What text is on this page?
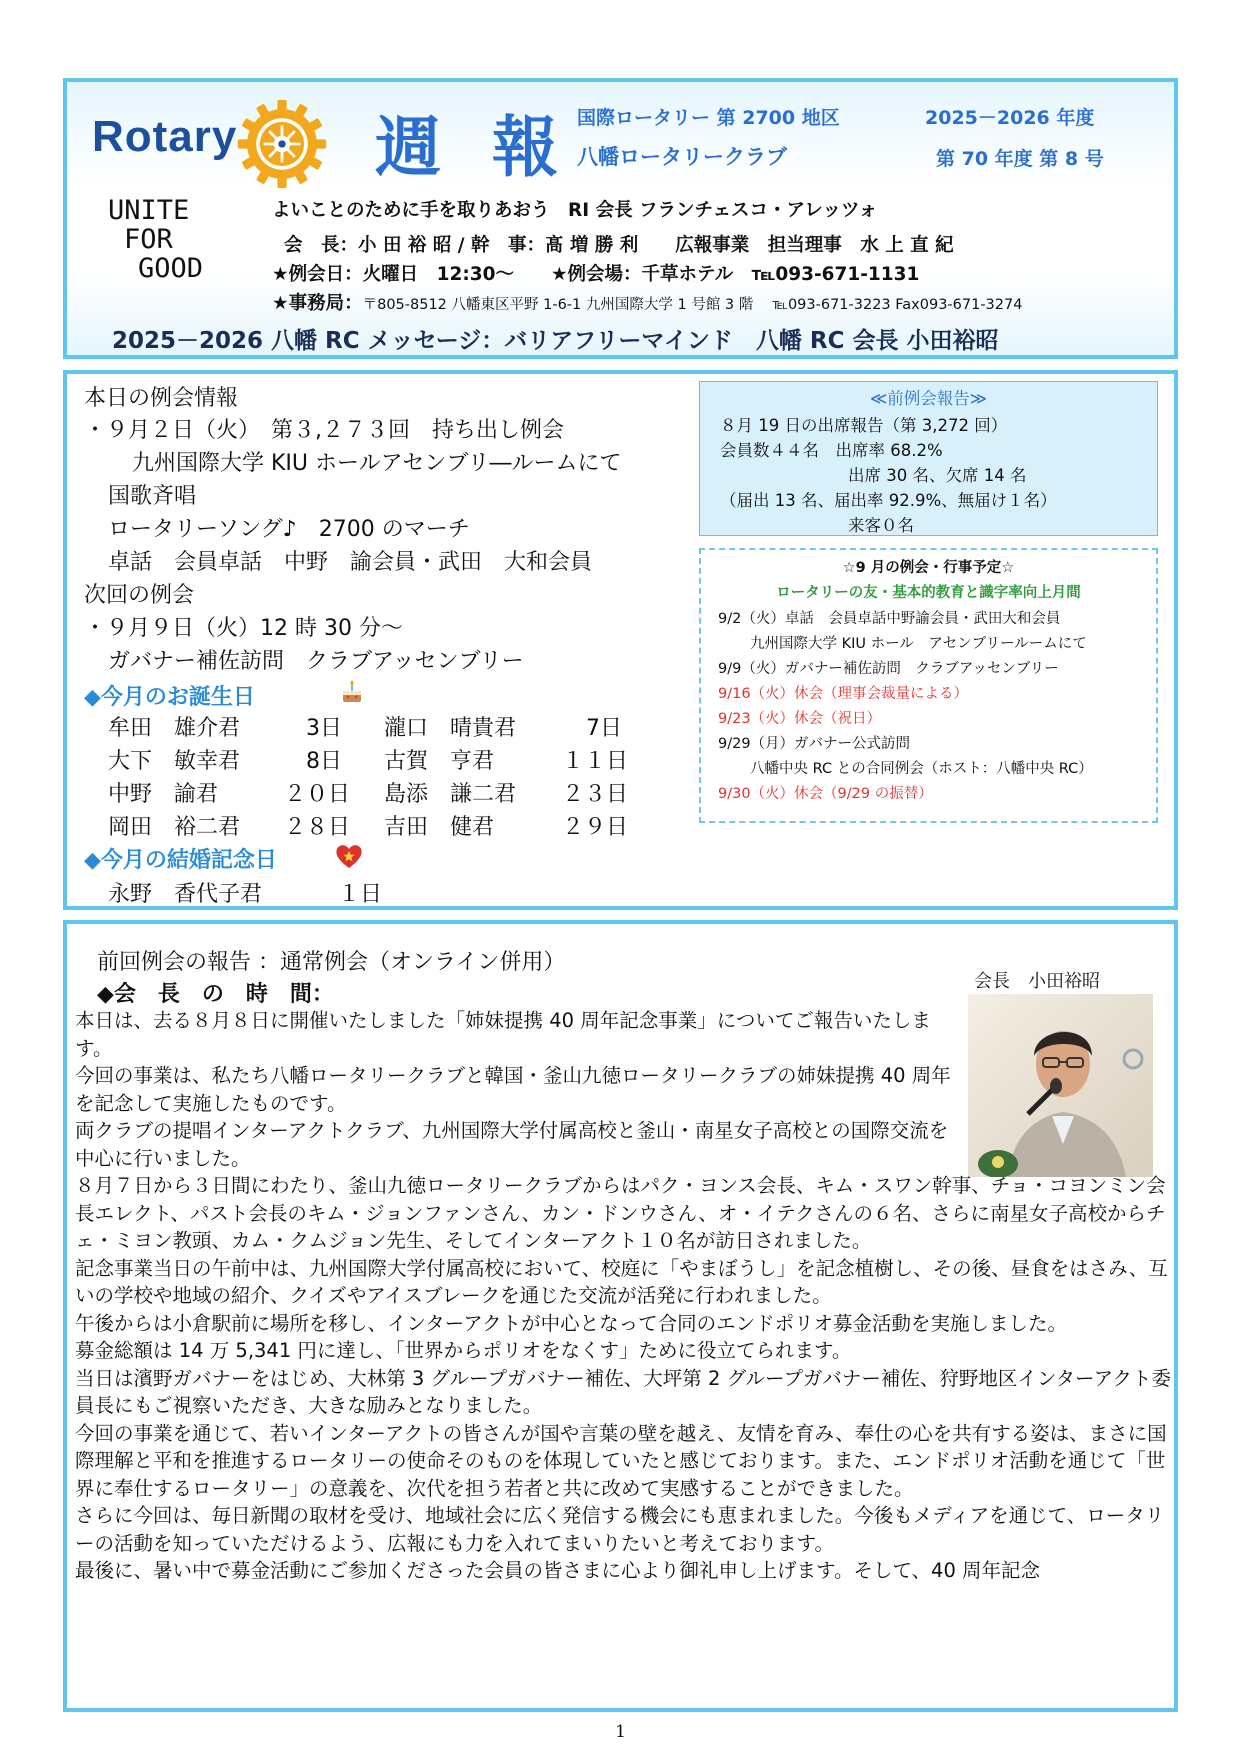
Rotary 週 報 国際ロータリー 第 2700 地区
八幡ロータリークラブ
2025－2026 年度
第 70 年度 第 8 号
UNITE
FOR
GOOD
よいことのために手を取りあおう　RI 会長 フランチェスコ・アレッツォ
会　長：小 田 裕 昭 / 幹　事：髙 増 勝 利　　広報事業　担当理事　水 上 直 紀
★例会日：火曜日　12:30～　　★例会場：千草ホテル　℡093-671-1131
★事務局：〒805-8512 八幡東区平野 1-6-1 九州国際大学 1 号館 3 階　 ℡093-671-3223 Fax093-671-3274
2025－2026 八幡 RC メッセージ：バリアフリーマインド　八幡 RC 会長 小田裕昭
本日の例会情報
・９月２日（火）　第３,２７３回　持ち出し例会
九州国際大学 KIU ホールアセンブリ―ルームにて
国歌斉唱
ロータリーソング♪　2700 のマーチ
卓話　会員卓話　中野　諭会員・武田　大和会員
次回の例会
・９月９日（火）12 時 30 分～
ガバナー補佐訪問　クラブアッセンブリー
◆今月のお誕生日
牟田　雄介君	3日 瀧口　晴貴君	7日
大下　敏幸君	8日 古賀　亨君	１１日
中野　諭君	２０日 島添　謙二君 ２３日
岡田　裕二君 ２８日 吉田　健君	２９日
◆今月の結婚記念日
永野　香代子君	１日
≪前例会報告≫
８月 19 日の出席報告（第 3,272 回）
会員数４４名　出席率 68.2%
出席 30 名、欠席 14 名
（届出 13 名、届出率 92.9%、無届け１名）
来客０名
☆9 月の例会・行事予定☆
ロータリーの友・基本的教育と識字率向上月間
9/2（火）卓話　会員卓話中野諭会員・武田大和会員
九州国際大学 KIU ホール　アセンブリールームにて
9/9（火）ガバナー補佐訪問　クラブアッセンブリー
9/16（火）休会（理事会裁量による）
9/23（火）休会（祝日）
9/29（月）ガバナー公式訪問
八幡中央 RC との合同例会（ホスト：八幡中央 RC）
9/30（火）休会（9/29 の振替）
前回例会の報告 ：通常例会（オンライン併用）
◆会　長　の　時　間：
会長　小田裕昭

本日は、去る８月８日に開催いたしました「姉妹提携 40 周年記念事業」についてご報告いたします。

今回の事業は、私たち八幡ロータリークラブと韓国・釜山九徳ロータリークラブの姉妹提携 40 周年を記念して実施したものです。

両クラブの提唱インターアクトクラブ、九州国際大学付属高校と釜山・南星女子高校との国際交流を中心に行いました。

８月７日から３日間にわたり、釜山九徳ロータリークラブからはパク・ヨンス会長、キム・スワン幹事、チョ・コヨンミン会長エレクト、パスト会長のキム・ジョンファンさん、カン・ドンウさん、オ・イテクさんの６名、さらに南星女子高校からチェ・ミヨン教頭、カム・クムジョン先生、そしてインターアクト１０名が訪日されました。

記念事業当日の午前中は、九州国際大学付属高校において、校庭に「やまぼうし」を記念植樹し、その後、昼食をはさみ、互いの学校や地域の紹介、クイズやアイスブレークを通じた交流が活発に行われました。

午後からは小倉駅前に場所を移し、インターアクトが中心となって合同のエンドポリオ募金活動を実施しました。

募金総額は 14 万 5,341 円に達し、「世界からポリオをなくす」ために役立てられます。

当日は濱野ガバナーをはじめ、大林第 3 グループガバナー補佐、大坪第 2 グループガバナー補佐、狩野地区インターアクト委員長にもご視察いただき、大きな励みとなりました。

今回の事業を通じて、若いインターアクトの皆さんが国や言葉の壁を越え、友情を育み、奉仕の心を共有する姿は、まさに国際理解と平和を推進するロータリーの使命そのものを体現していたと感じております。また、エンドポリオ活動を通じて「世界に奉仕するロータリー」の意義を、次代を担う若者と共に改めて実感することができました。

さらに今回は、毎日新聞の取材を受け、地域社会に広く発信する機会にも恵まれました。今後もメディアを通じて、ロータリーの活動を知っていただけるよう、広報にも力を入れてまいりたいと考えております。

最後に、暑い中で募金活動にご参加くださった会員の皆さまに心より御礼申し上げます。そして、40 周年記念

1
